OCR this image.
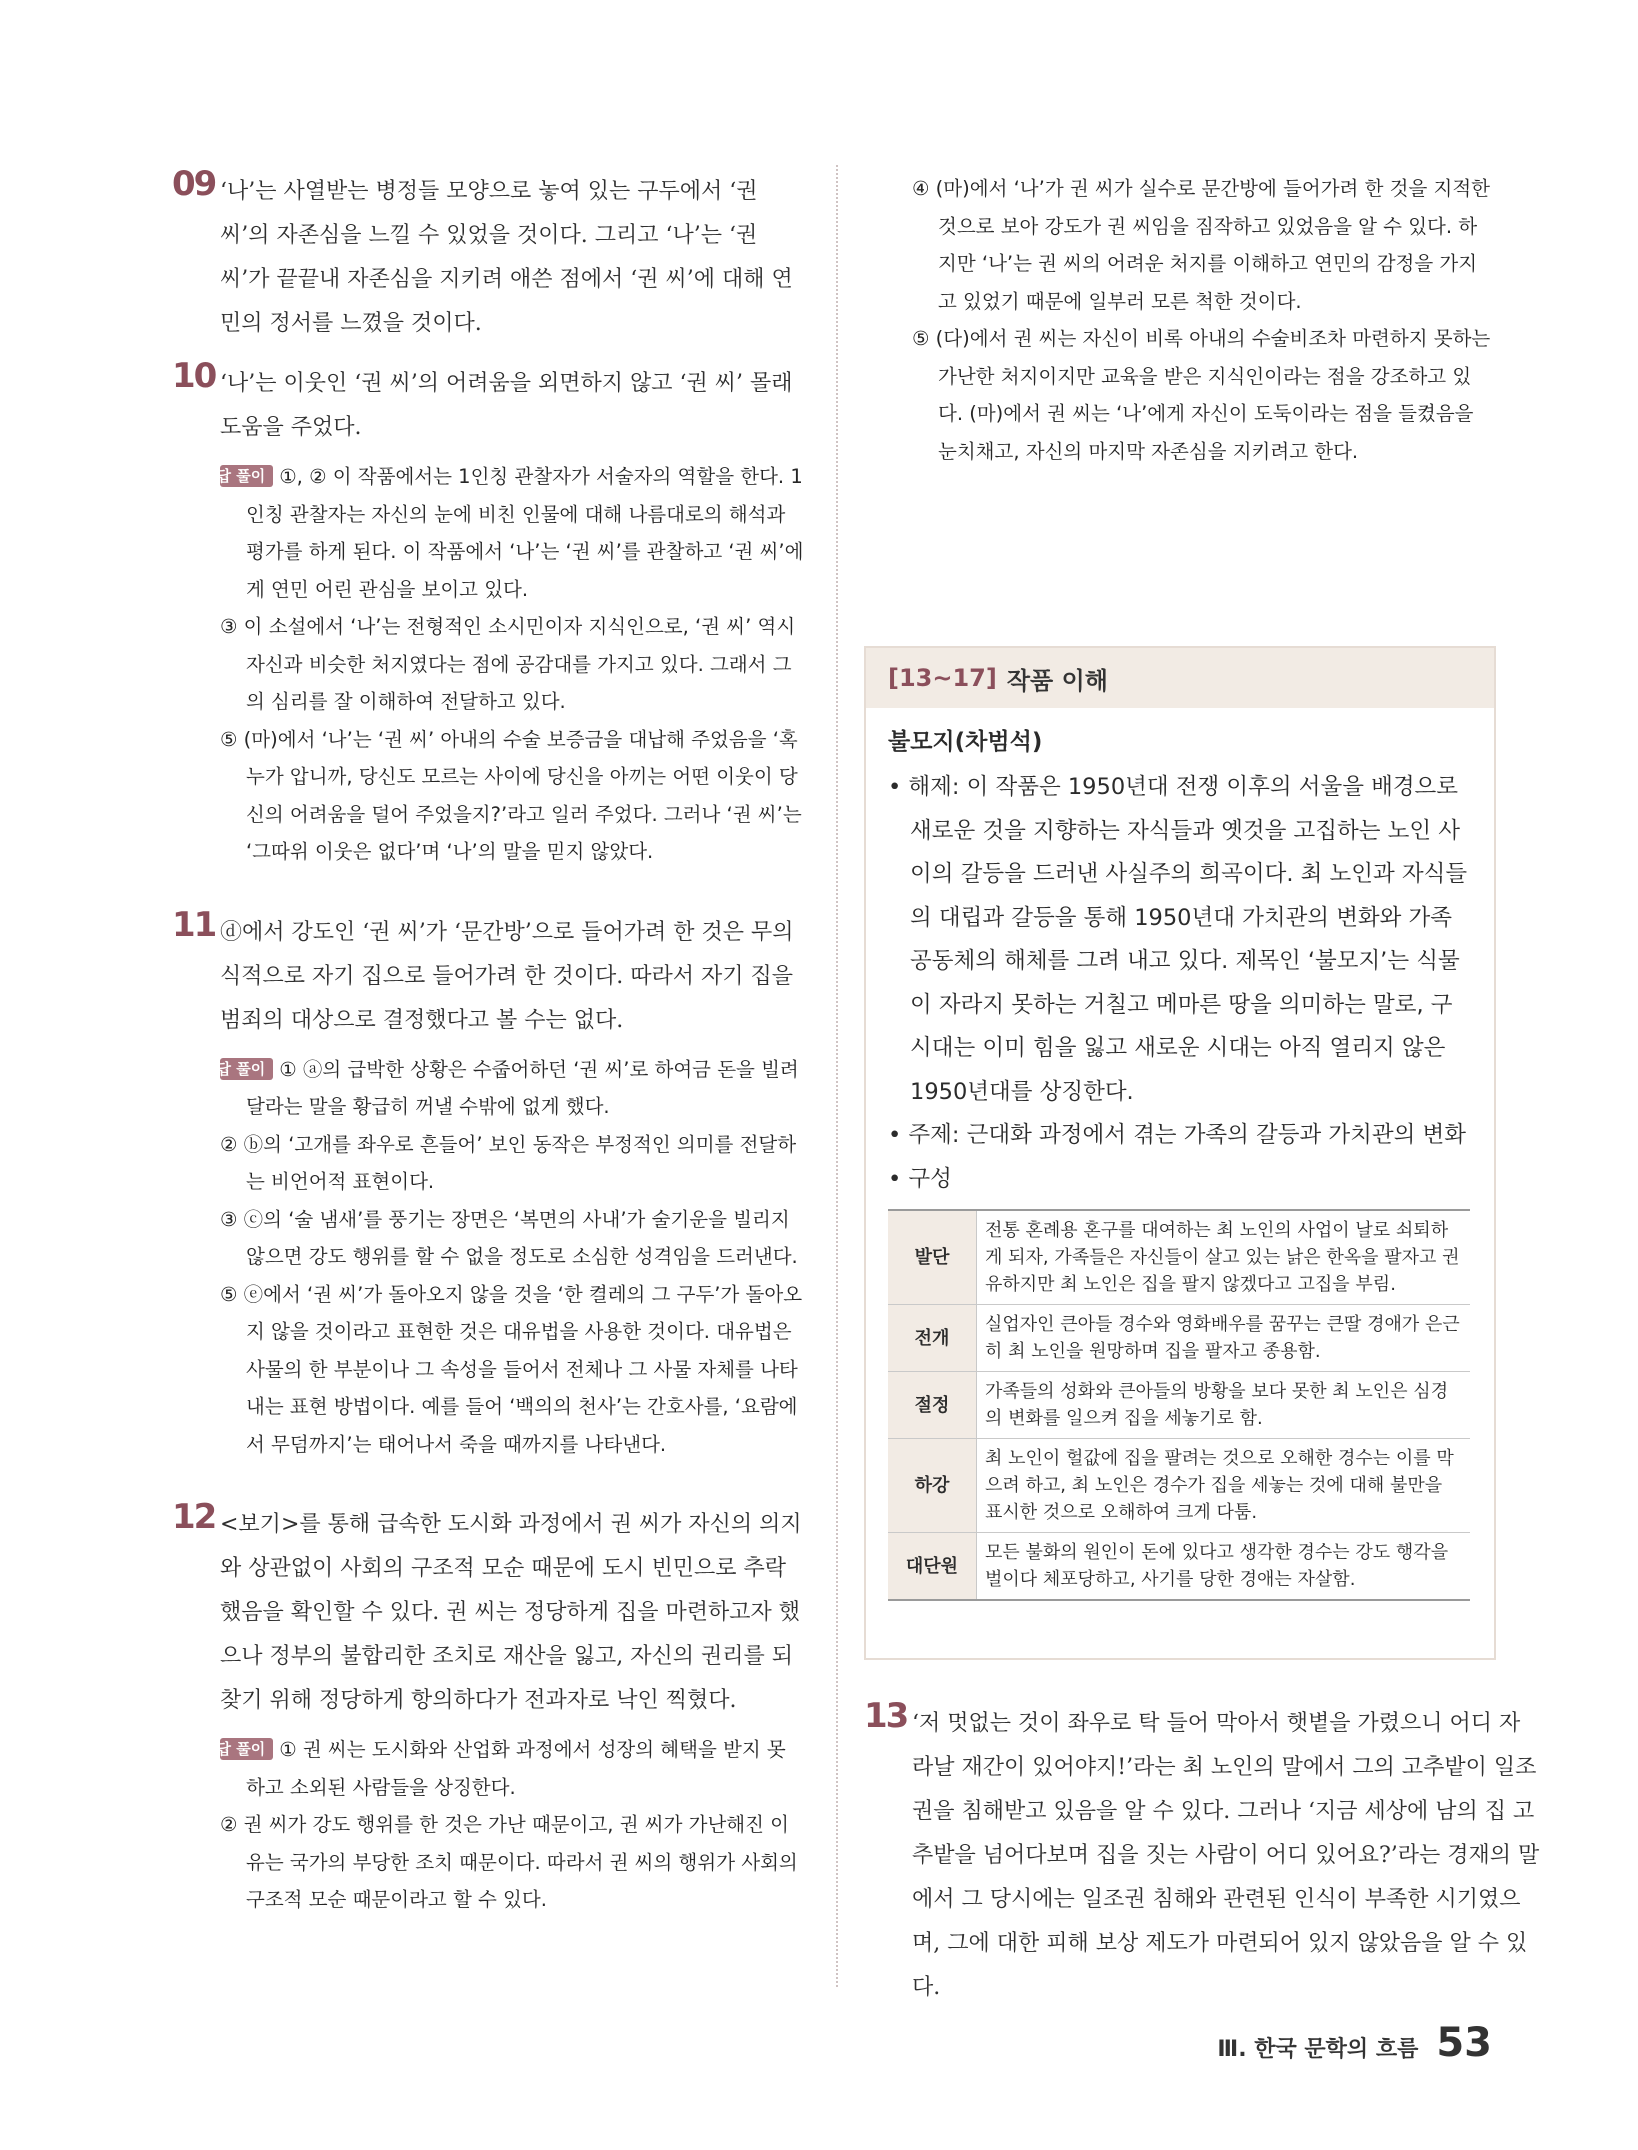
09 ‘나’는 사열받는 병정들 모양으로 놓여 있는 구두에서 ‘권 씨’의 자존심을 느낄 수 있었을 것이다. 그리고 ‘나’는 ‘권 씨’가 끝끝내 자존심을 지키려 애쓴 점에서 ‘권 씨’에 대해 연민의 정서를 느꼈을 것이다.

10 ‘나’는 이웃인 ‘권 씨’의 어려움을 외면하지 않고 ‘권 씨’ 몰래 도움을 주었다.

오답 풀이 ①, ② 이 작품에서는 1인칭 관찰자가 서술자의 역할을 한다. 1인칭 관찰자는 자신의 눈에 비친 인물에 대해 나름대로의 해석과 평가를 하게 된다. 이 작품에서 ‘나’는 ‘권 씨’를 관찰하고 ‘권 씨’에게 연민 어린 관심을 보이고 있다.

③ 이 소설에서 ‘나’는 전형적인 소시민이자 지식인으로, ‘권 씨’ 역시 자신과 비슷한 처지였다는 점에 공감대를 가지고 있다. 그래서 그의 심리를 잘 이해하여 전달하고 있다.

⑤ (마)에서 ‘나’는 ‘권 씨’ 아내의 수술 보증금을 대납해 주었음을 ‘혹 누가 압니까, 당신도 모르는 사이에 당신을 아끼는 어떤 이웃이 당신의 어려움을 덜어 주었을지?’라고 일러 주었다. 그러나 ‘권 씨’는 ‘그따위 이웃은 없다’며 ‘나’의 말을 믿지 않았다.

11 ⓓ에서 강도인 ‘권 씨’가 ‘문간방’으로 들어가려 한 것은 무의식적으로 자기 집으로 들어가려 한 것이다. 따라서 자기 집을 범죄의 대상으로 결정했다고 볼 수는 없다.

오답 풀이 ① ⓐ의 급박한 상황은 수줍어하던 ‘권 씨’로 하여금 돈을 빌려 달라는 말을 황급히 꺼낼 수밖에 없게 했다.

② ⓑ의 ‘고개를 좌우로 흔들어’ 보인 동작은 부정적인 의미를 전달하는 비언어적 표현이다.

③ ⓒ의 ‘술 냄새’를 풍기는 장면은 ‘복면의 사내’가 술기운을 빌리지 않으면 강도 행위를 할 수 없을 정도로 소심한 성격임을 드러낸다.

⑤ ⓔ에서 ‘권 씨’가 돌아오지 않을 것을 ‘한 켤레의 그 구두’가 돌아오지 않을 것이라고 표현한 것은 대유법을 사용한 것이다. 대유법은 사물의 한 부분이나 그 속성을 들어서 전체나 그 사물 자체를 나타내는 표현 방법이다. 예를 들어 ‘백의의 천사’는 간호사를, ‘요람에서 무덤까지’는 태어나서 죽을 때까지를 나타낸다.

12 <보기>를 통해 급속한 도시화 과정에서 권 씨가 자신의 의지와 상관없이 사회의 구조적 모순 때문에 도시 빈민으로 추락했음을 확인할 수 있다. 권 씨는 정당하게 집을 마련하고자 했으나 정부의 불합리한 조치로 재산을 잃고, 자신의 권리를 되찾기 위해 정당하게 항의하다가 전과자로 낙인 찍혔다.

오답 풀이 ① 권 씨는 도시화와 산업화 과정에서 성장의 혜택을 받지 못하고 소외된 사람들을 상징한다.

② 권 씨가 강도 행위를 한 것은 가난 때문이고, 권 씨가 가난해진 이유는 국가의 부당한 조치 때문이다. 따라서 권 씨의 행위가 사회의 구조적 모순 때문이라고 할 수 있다.

④ (마)에서 ‘나’가 권 씨가 실수로 문간방에 들어가려 한 것을 지적한 것으로 보아 강도가 권 씨임을 짐작하고 있었음을 알 수 있다. 하지만 ‘나’는 권 씨의 어려운 처지를 이해하고 연민의 감정을 가지고 있었기 때문에 일부러 모른 척한 것이다.

⑤ (다)에서 권 씨는 자신이 비록 아내의 수술비조차 마련하지 못하는 가난한 처지이지만 교육을 받은 지식인이라는 점을 강조하고 있다. (마)에서 권 씨는 ‘나’에게 자신이 도둑이라는 점을 들켰음을 눈치채고, 자신의 마지막 자존심을 지키려고 한다.

[13~17] 작품 이해

불모지(차범석)

• 해제: 이 작품은 1950년대 전쟁 이후의 서울을 배경으로 새로운 것을 지향하는 자식들과 옛것을 고집하는 노인 사이의 갈등을 드러낸 사실주의 희곡이다. 최 노인과 자식들의 대립과 갈등을 통해 1950년대 가치관의 변화와 가족 공동체의 해체를 그려 내고 있다. 제목인 ‘불모지’는 식물이 자라지 못하는 거칠고 메마른 땅을 의미하는 말로, 구시대는 이미 힘을 잃고 새로운 시대는 아직 열리지 않은 1950년대를 상징한다.

• 주제: 근대화 과정에서 겪는 가족의 갈등과 가치관의 변화

• 구성

발단	전통 혼례용 혼구를 대여하는 최 노인의 사업이 날로 쇠퇴하게 되자, 가족들은 자신들이 살고 있는 낡은 한옥을 팔자고 권유하지만 최 노인은 집을 팔지 않겠다고 고집을 부림.
전개	실업자인 큰아들 경수와 영화배우를 꿈꾸는 큰딸 경애가 은근히 최 노인을 원망하며 집을 팔자고 종용함.
절정	가족들의 성화와 큰아들의 방황을 보다 못한 최 노인은 심경의 변화를 일으켜 집을 세놓기로 함.
하강	최 노인이 헐값에 집을 팔려는 것으로 오해한 경수는 이를 막으려 하고, 최 노인은 경수가 집을 세놓는 것에 대해 불만을 표시한 것으로 오해하여 크게 다툼.
대단원	모든 불화의 원인이 돈에 있다고 생각한 경수는 강도 행각을 벌이다 체포당하고, 사기를 당한 경애는 자살함.
13 ‘저 멋없는 것이 좌우로 탁 들어 막아서 햇볕을 가렸으니 어디 자라날 재간이 있어야지!’라는 최 노인의 말에서 그의 고추밭이 일조권을 침해받고 있음을 알 수 있다. 그러나 ‘지금 세상에 남의 집 고추밭을 넘어다보며 집을 짓는 사람이 어디 있어요?’라는 경재의 말에서 그 당시에는 일조권 침해와 관련된 인식이 부족한 시기였으며, 그에 대한 피해 보상 제도가 마련되어 있지 않았음을 알 수 있다.

Ⅲ. 한국 문학의 흐름 53
